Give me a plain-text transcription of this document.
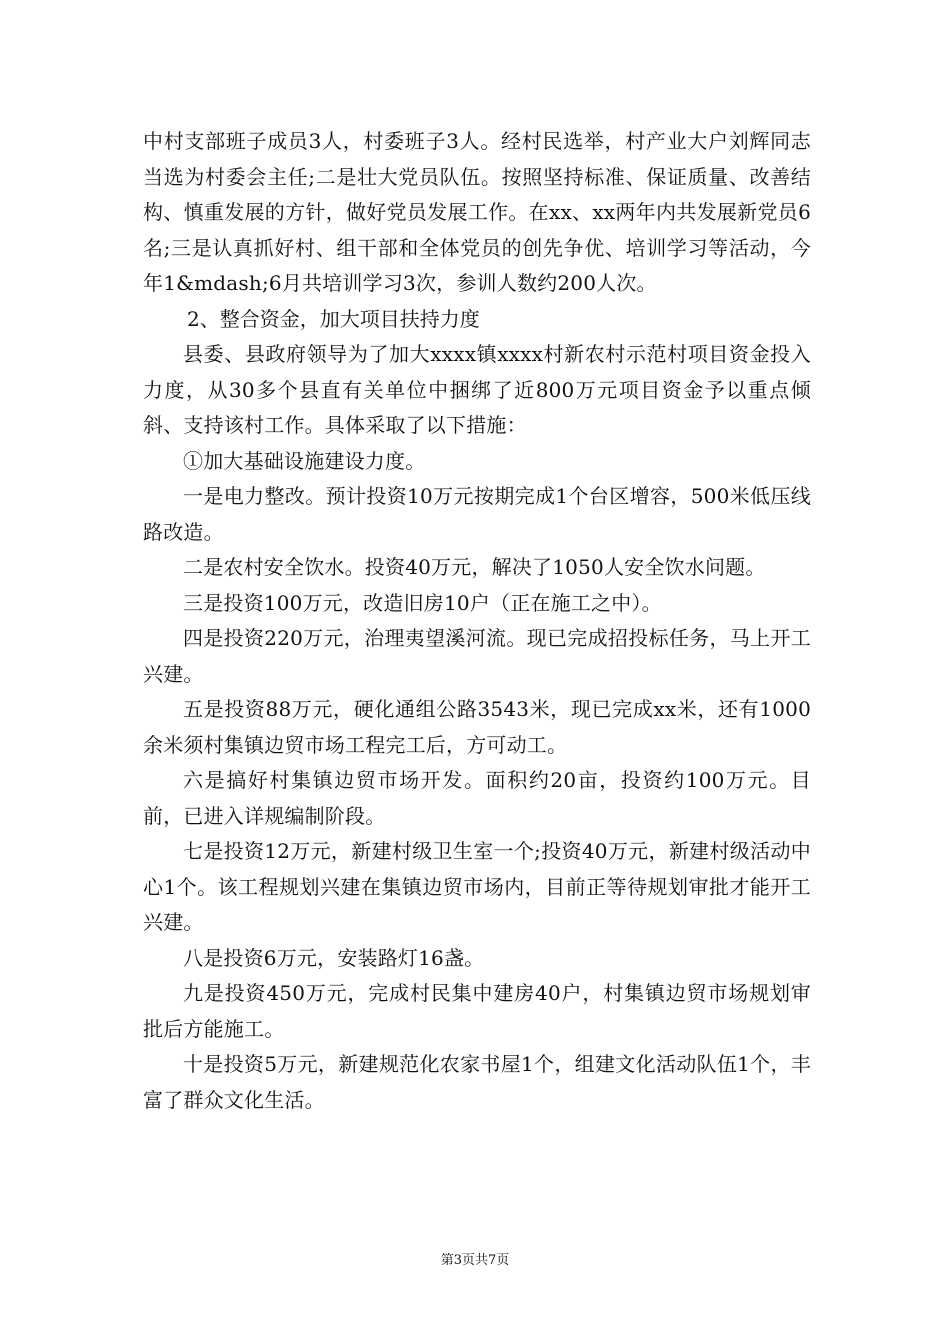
中村支部班子成员3人，村委班子3人。经村民选举，村产业大户刘辉同志当选为村委会主任;二是壮大党员队伍。按照坚持标准、保证质量、改善结构、慎重发展的方针，做好党员发展工作。在xx、xx两年内共发展新党员6名;三是认真抓好村、组干部和全体党员的创先争优、培训学习等活动，今年1&mdash;6月共培训学习3次，参训人数约200人次。

2、整合资金，加大项目扶持力度

县委、县政府领导为了加大xxxx镇xxxx村新农村示范村项目资金投入力度，从30多个县直有关单位中捆绑了近800万元项目资金予以重点倾斜、支持该村工作。具体采取了以下措施：

①加大基础设施建设力度。

一是电力整改。预计投资10万元按期完成1个台区增容，500米低压线路改造。

二是农村安全饮水。投资40万元，解决了1050人安全饮水问题。

三是投资100万元，改造旧房10户（正在施工之中）。

四是投资220万元，治理夷望溪河流。现已完成招投标任务，马上开工兴建。

五是投资88万元，硬化通组公路3543米，现已完成xx米，还有1000余米须村集镇边贸市场工程完工后，方可动工。

六是搞好村集镇边贸市场开发。面积约20亩，投资约100万元。目前，已进入详规编制阶段。

七是投资12万元，新建村级卫生室一个;投资40万元，新建村级活动中心1个。该工程规划兴建在集镇边贸市场内，目前正等待规划审批才能开工兴建。

八是投资6万元，安装路灯16盏。

九是投资450万元，完成村民集中建房40户，村集镇边贸市场规划审批后方能施工。

十是投资5万元，新建规范化农家书屋1个，组建文化活动队伍1个，丰富了群众文化生活。

第3页共7页
